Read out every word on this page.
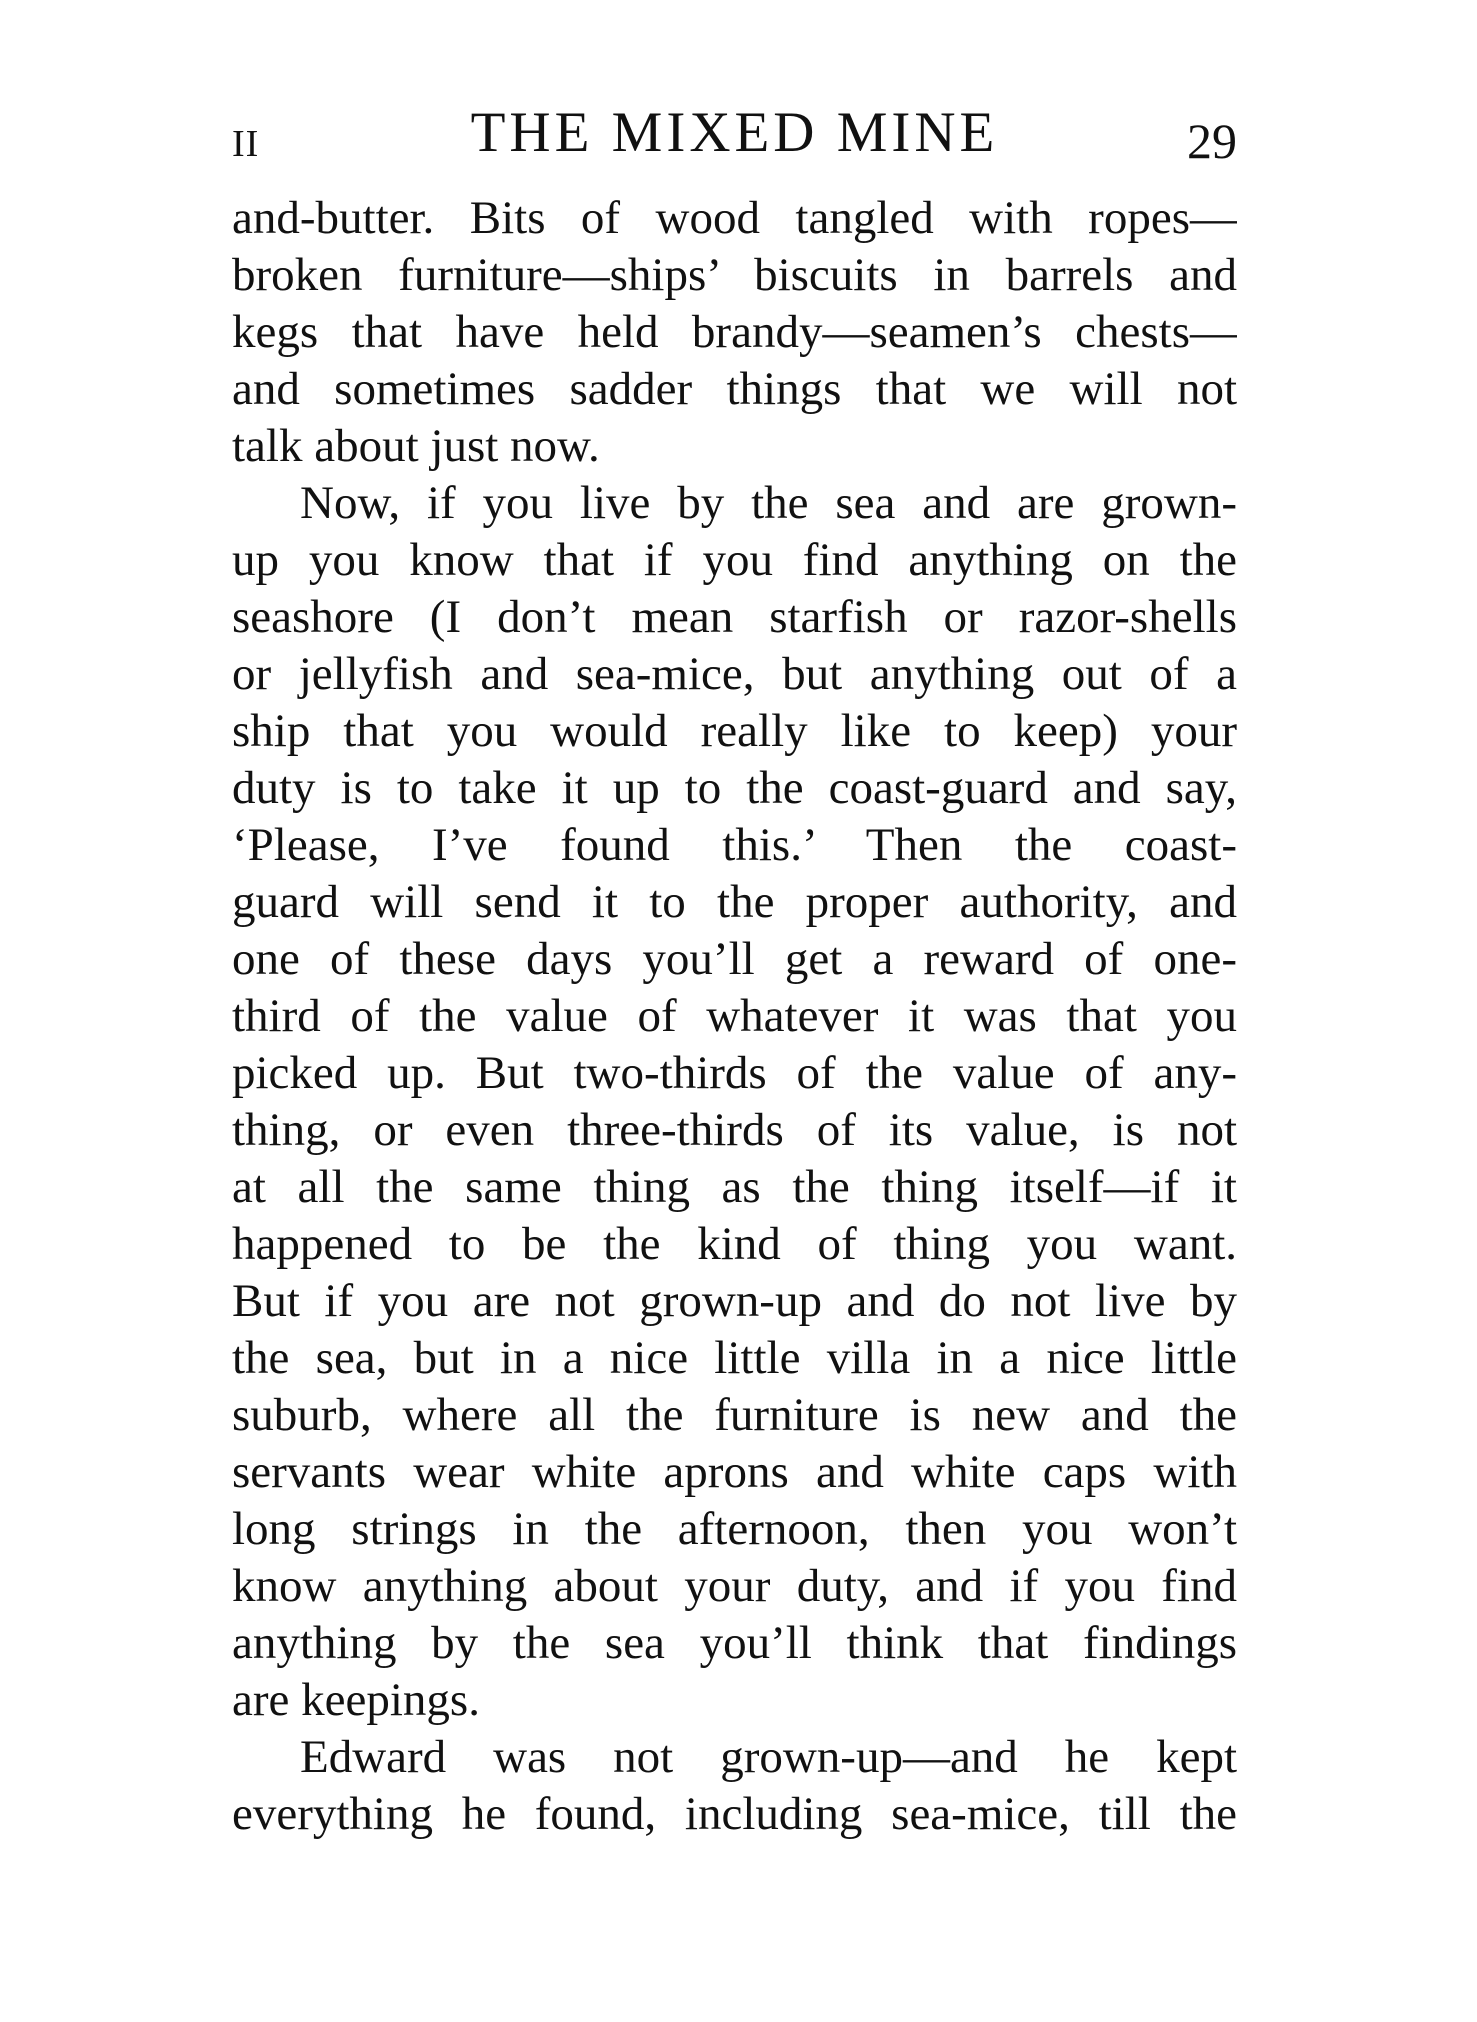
II	THE MIXED MINE	29
and-butter. Bits of wood tangled with ropes—
broken furniture—ships’ biscuits in barrels and
kegs that have held brandy—seamen’s chests—
and sometimes sadder things that we will not
talk about just now.
Now, if you live by the sea and are grown-
up you know that if you find anything on the
seashore (I don’t mean starfish or razor-shells
or jellyfish and sea-mice, but anything out of a
ship that you would really like to keep) your
duty is to take it up to the coast-guard and say,
‘Please, I’ve found this.’ Then the coast-
guard will send it to the proper authority, and
one of these days you’ll get a reward of one-
third of the value of whatever it was that you
picked up. But two-thirds of the value of any-
thing, or even three-thirds of its value, is not
at all the same thing as the thing itself—if it
happened to be the kind of thing you want.
But if you are not grown-up and do not live by
the sea, but in a nice little villa in a nice little
suburb, where all the furniture is new and the
servants wear white aprons and white caps with
long strings in the afternoon, then you won’t
know anything about your duty, and if you find
anything by the sea you’ll think that findings
are keepings.
Edward was not grown-up—and he kept
everything he found, including sea-mice, till the
